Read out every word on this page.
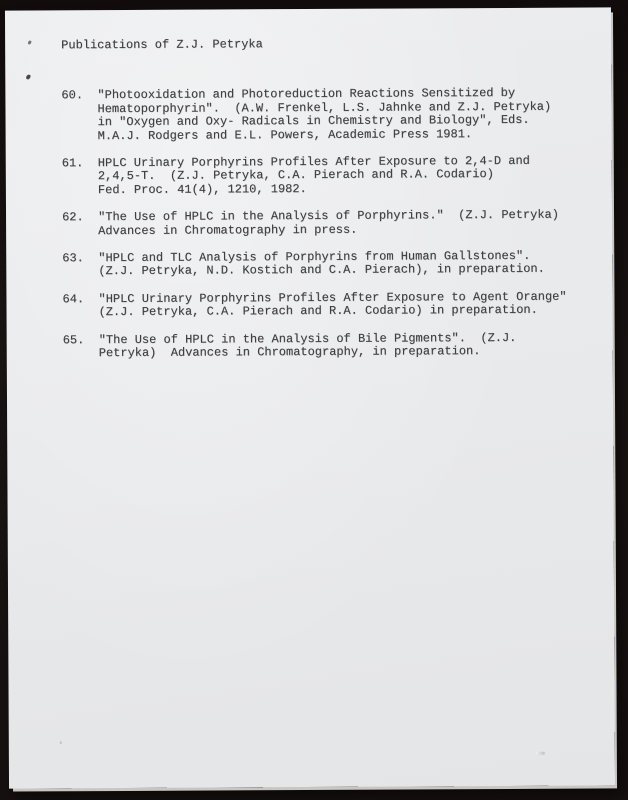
Publications of Z.J. Petryka
60.	"Photooxidation and Photoreduction Reactions Sensitized by
Hematoporphyrin".  (A.W. Frenkel, L.S. Jahnke and Z.J. Petryka)
in "Oxygen and Oxy- Radicals in Chemistry and Biology", Eds.
M.A.J. Rodgers and E.L. Powers, Academic Press 1981.
61.	HPLC Urinary Porphyrins Profiles After Exposure to 2,4-D and
2,4,5-T.  (Z.J. Petryka, C.A. Pierach and R.A. Codario)
Fed. Proc. 41(4), 1210, 1982.
62.	"The Use of HPLC in the Analysis of Porphyrins."  (Z.J. Petryka)
Advances in Chromatography in press.
63.	"HPLC and TLC Analysis of Porphyrins from Human Gallstones".
(Z.J. Petryka, N.D. Kostich and C.A. Pierach), in preparation.
64.	"HPLC Urinary Porphyrins Profiles After Exposure to Agent Orange"
(Z.J. Petryka, C.A. Pierach and R.A. Codario) in preparation.
65.	"The Use of HPLC in the Analysis of Bile Pigments".  (Z.J.
Petryka)  Advances in Chromatography, in preparation.
